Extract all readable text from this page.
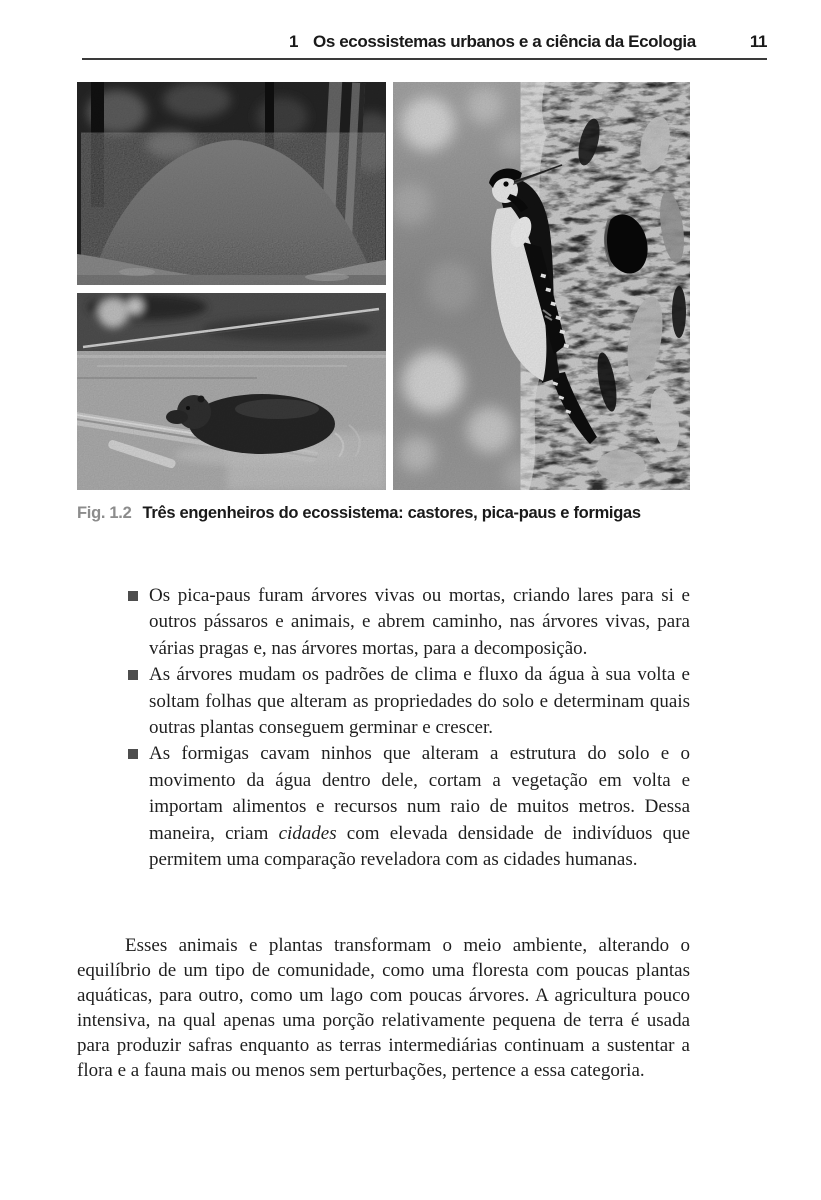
1 Os ecossistemas urbanos e a ciência da Ecologia	11
Fig. 1.2 Três engenheiros do ecossistema: castores, pica-paus e formigas
Os pica-paus furam árvores vivas ou mortas, criando lares para si e outros pássaros e animais, e abrem caminho, nas árvores vivas, para várias pragas e, nas árvores mortas, para a decomposição.
As árvores mudam os padrões de clima e fluxo da água à sua volta e soltam folhas que alteram as propriedades do solo e determinam quais outras plantas conseguem germinar e crescer.
As formigas cavam ninhos que alteram a estrutura do solo e o movimento da água dentro dele, cortam a vegetação em volta e importam alimentos e recursos num raio de muitos metros. Dessa maneira, criam cidades com elevada densidade de indivíduos que permitem uma comparação reveladora com as cidades humanas.

Esses animais e plantas transformam o meio ambiente, alterando o equilíbrio de um tipo de comunidade, como uma floresta com poucas plantas aquáticas, para outro, como um lago com poucas árvores. A agricultura pouco intensiva, na qual apenas uma porção relativamente pequena de terra é usada para produzir safras enquanto as terras intermediárias continuam a sustentar a flora e a fauna mais ou menos sem perturbações, pertence a essa categoria.
